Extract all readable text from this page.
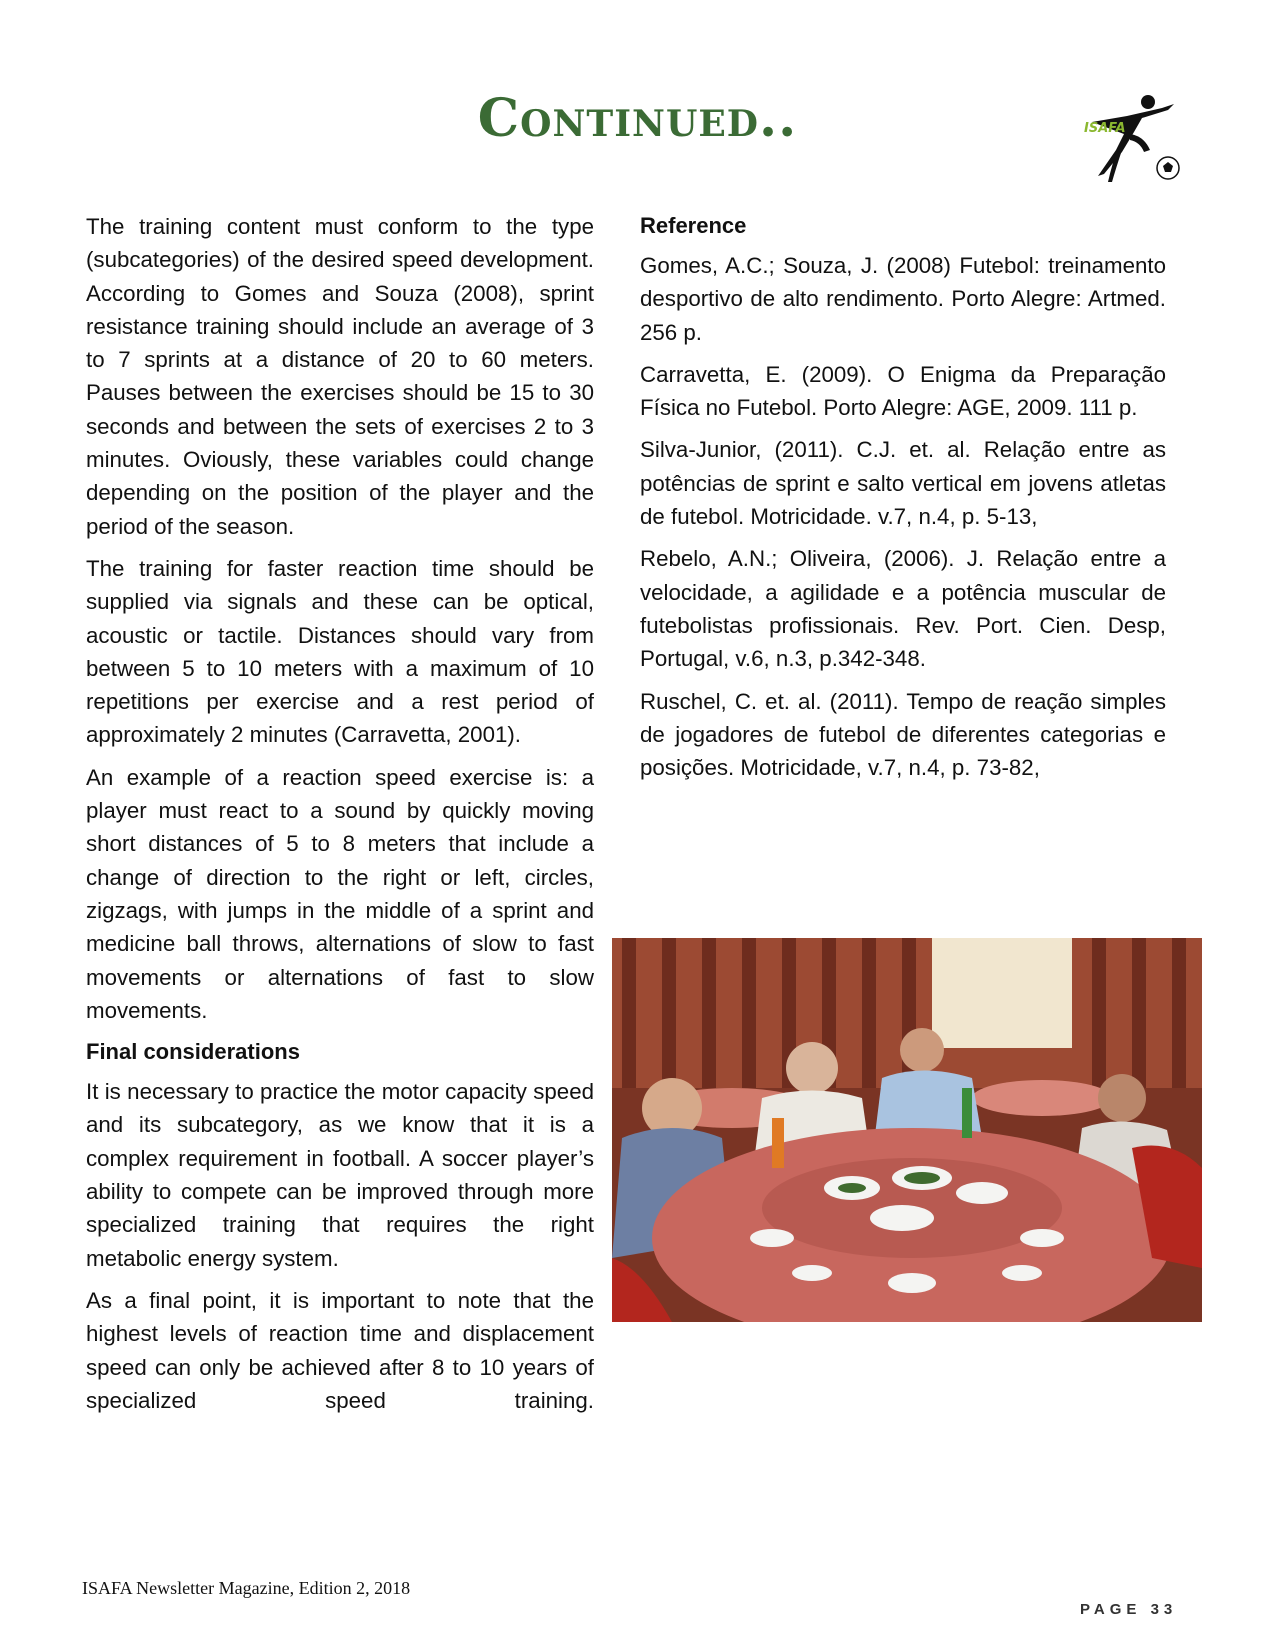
Continued..	ISAFA

The training content must conform to the type (subcategories) of the desired speed development. According to Gomes and Souza (2008), sprint resistance training should include an average of 3 to 7 sprints at a distance of 20 to 60 meters. Pauses between the exercises should be 15 to 30 seconds and between the sets of exercises 2 to 3 minutes. Oviously, these variables could change depending on the position of the player and the period of the season.

The training for faster reaction time should be supplied via signals and these can be optical, acoustic or tactile. Distances should vary from between 5 to 10 meters with a maximum of 10 repetitions per exercise and a rest period of approximately 2 minutes (Carravetta, 2001).

An example of a reaction speed exercise is: a player must react to a sound by quickly moving short distances of 5 to 8 meters that include a change of direction to the right or left, circles, zigzags, with jumps in the middle of a sprint and medicine ball throws, alternations of slow to fast movements or alternations of fast to slow movements.

Final considerations

It is necessary to practice the motor capacity speed and its subcategory, as we know that it is a complex requirement in football. A soccer player’s ability to compete can be improved through more specialized training that requires the right metabolic energy system.

As a final point, it is important to note that the highest levels of reaction time and displacement speed can only be achieved after 8 to 10 years of specialized speed training.

Reference

Gomes, A.C.; Souza, J. (2008) Futebol: treinamento desportivo de alto rendimento. Porto Alegre: Artmed. 256 p.

Carravetta, E. (2009). O Enigma da Preparação Física no Futebol. Porto Alegre: AGE, 2009. 111 p.

Silva-Junior, (2011). C.J. et. al. Relação entre as potências de sprint e salto vertical em jovens atletas de futebol. Motricidade. v.7, n.4, p. 5-13,

Rebelo, A.N.; Oliveira, (2006). J. Relação entre a velocidade, a agilidade e a potência muscular de futebolistas profissionais. Rev. Port. Cien. Desp, Portugal, v.6, n.3, p.342-348.

Ruschel, C. et. al. (2011). Tempo de reação simples de jogadores de futebol de diferentes categorias e posições. Motricidade, v.7, n.4, p. 73-82,

ISAFA Newsletter Magazine, Edition 2, 2018
PAGE 33
